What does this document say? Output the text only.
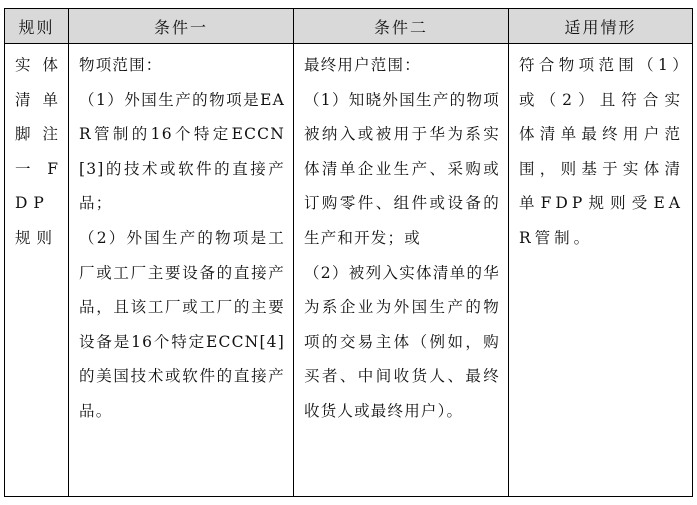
规则	条件一	条件二	适用情形

实体清单脚注一FDP规则	物项范围：
（1）外国生产的物项是EAR管制的16个特定ECCN[3]的技术或软件的直接产品；
（2）外国生产的物项是工厂或工厂主要设备的直接产品，且该工厂或工厂的主要设备是16个特定ECCN[4]的美国技术或软件的直接产品。	最终用户范围：
（1）知晓外国生产的物项被纳入或被用于华为系实体清单企业生产、采购或订购零件、组件或设备的生产和开发；或
（2）被列入实体清单的华为系企业为外国生产的物项的交易主体（例如，购买者、中间收货人、最终收货人或最终用户）。	符合物项范围（1）或（2）且符合实体清单最终用户范围，则基于实体清单FDP规则受EAR管制。
